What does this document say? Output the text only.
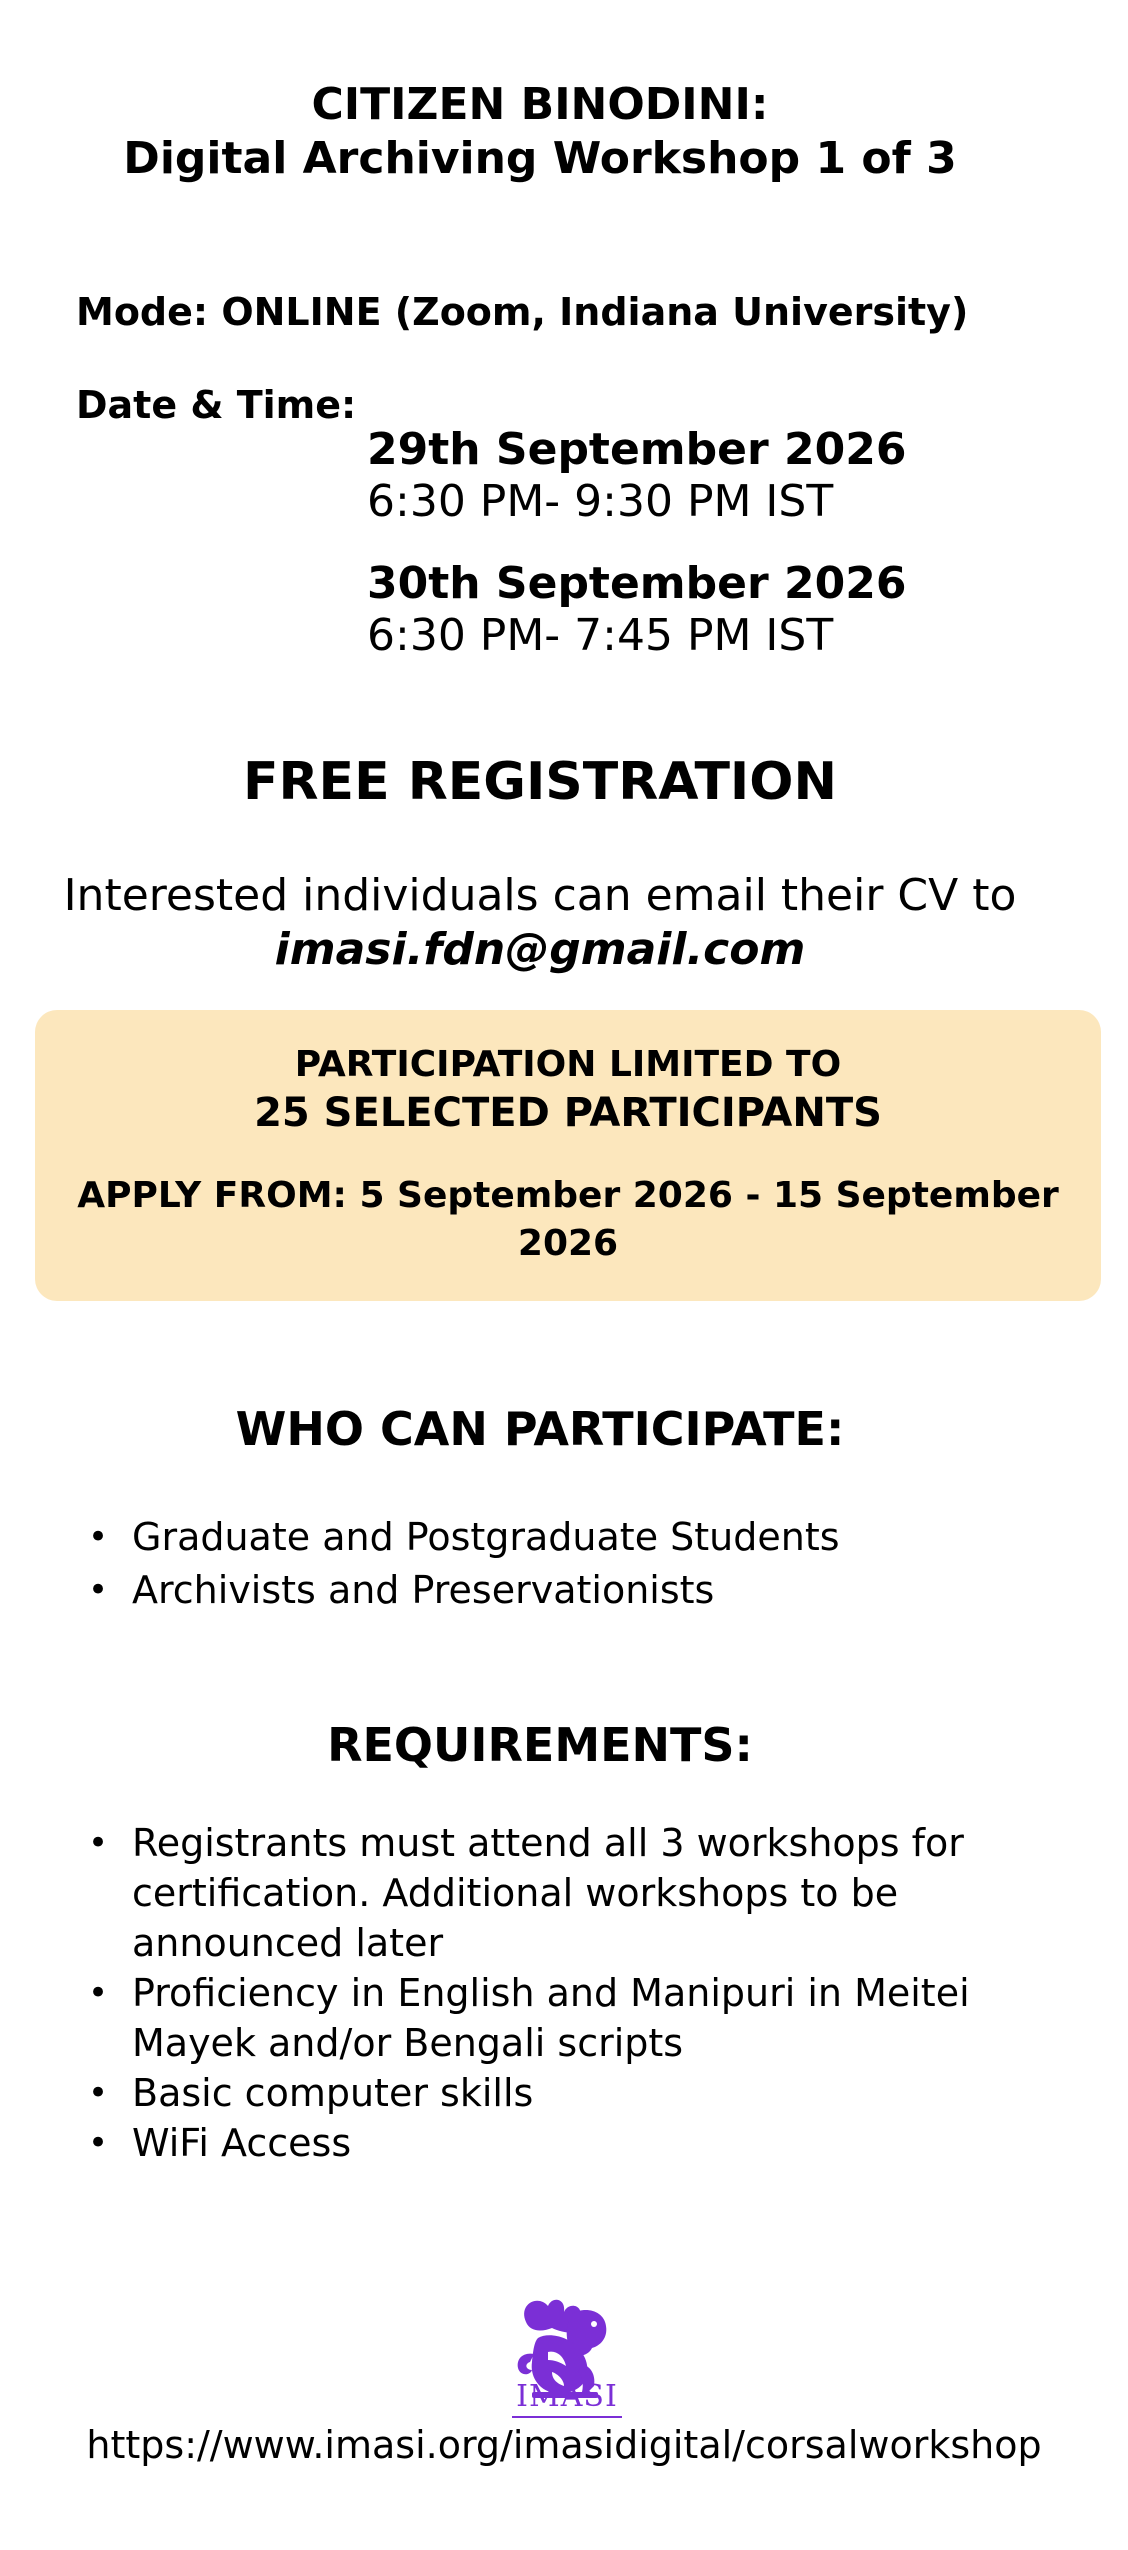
CITIZEN BINODINI:
Digital Archiving Workshop 1 of 3
Mode: ONLINE (Zoom, Indiana University)
Date & Time:
29th September 2026
6:30 PM- 9:30 PM IST
30th September 2026
6:30 PM- 7:45 PM IST
FREE REGISTRATION
Interested individuals can email their CV to
imasi.fdn@gmail.com
PARTICIPATION LIMITED TO
25 SELECTED PARTICIPANTS
APPLY FROM: 5 September 2026 - 15 September 2026
WHO CAN PARTICIPATE:
• Graduate and Postgraduate Students
• Archivists and Preservationists
REQUIREMENTS:
• Registrants must attend all 3 workshops for certification. Additional workshops to be announced later
• Proficiency in English and Manipuri in Meitei Mayek and/or Bengali scripts
• Basic computer skills
• WiFi Access
IMASI
https://www.imasi.org/imasidigital/corsalworkshop
